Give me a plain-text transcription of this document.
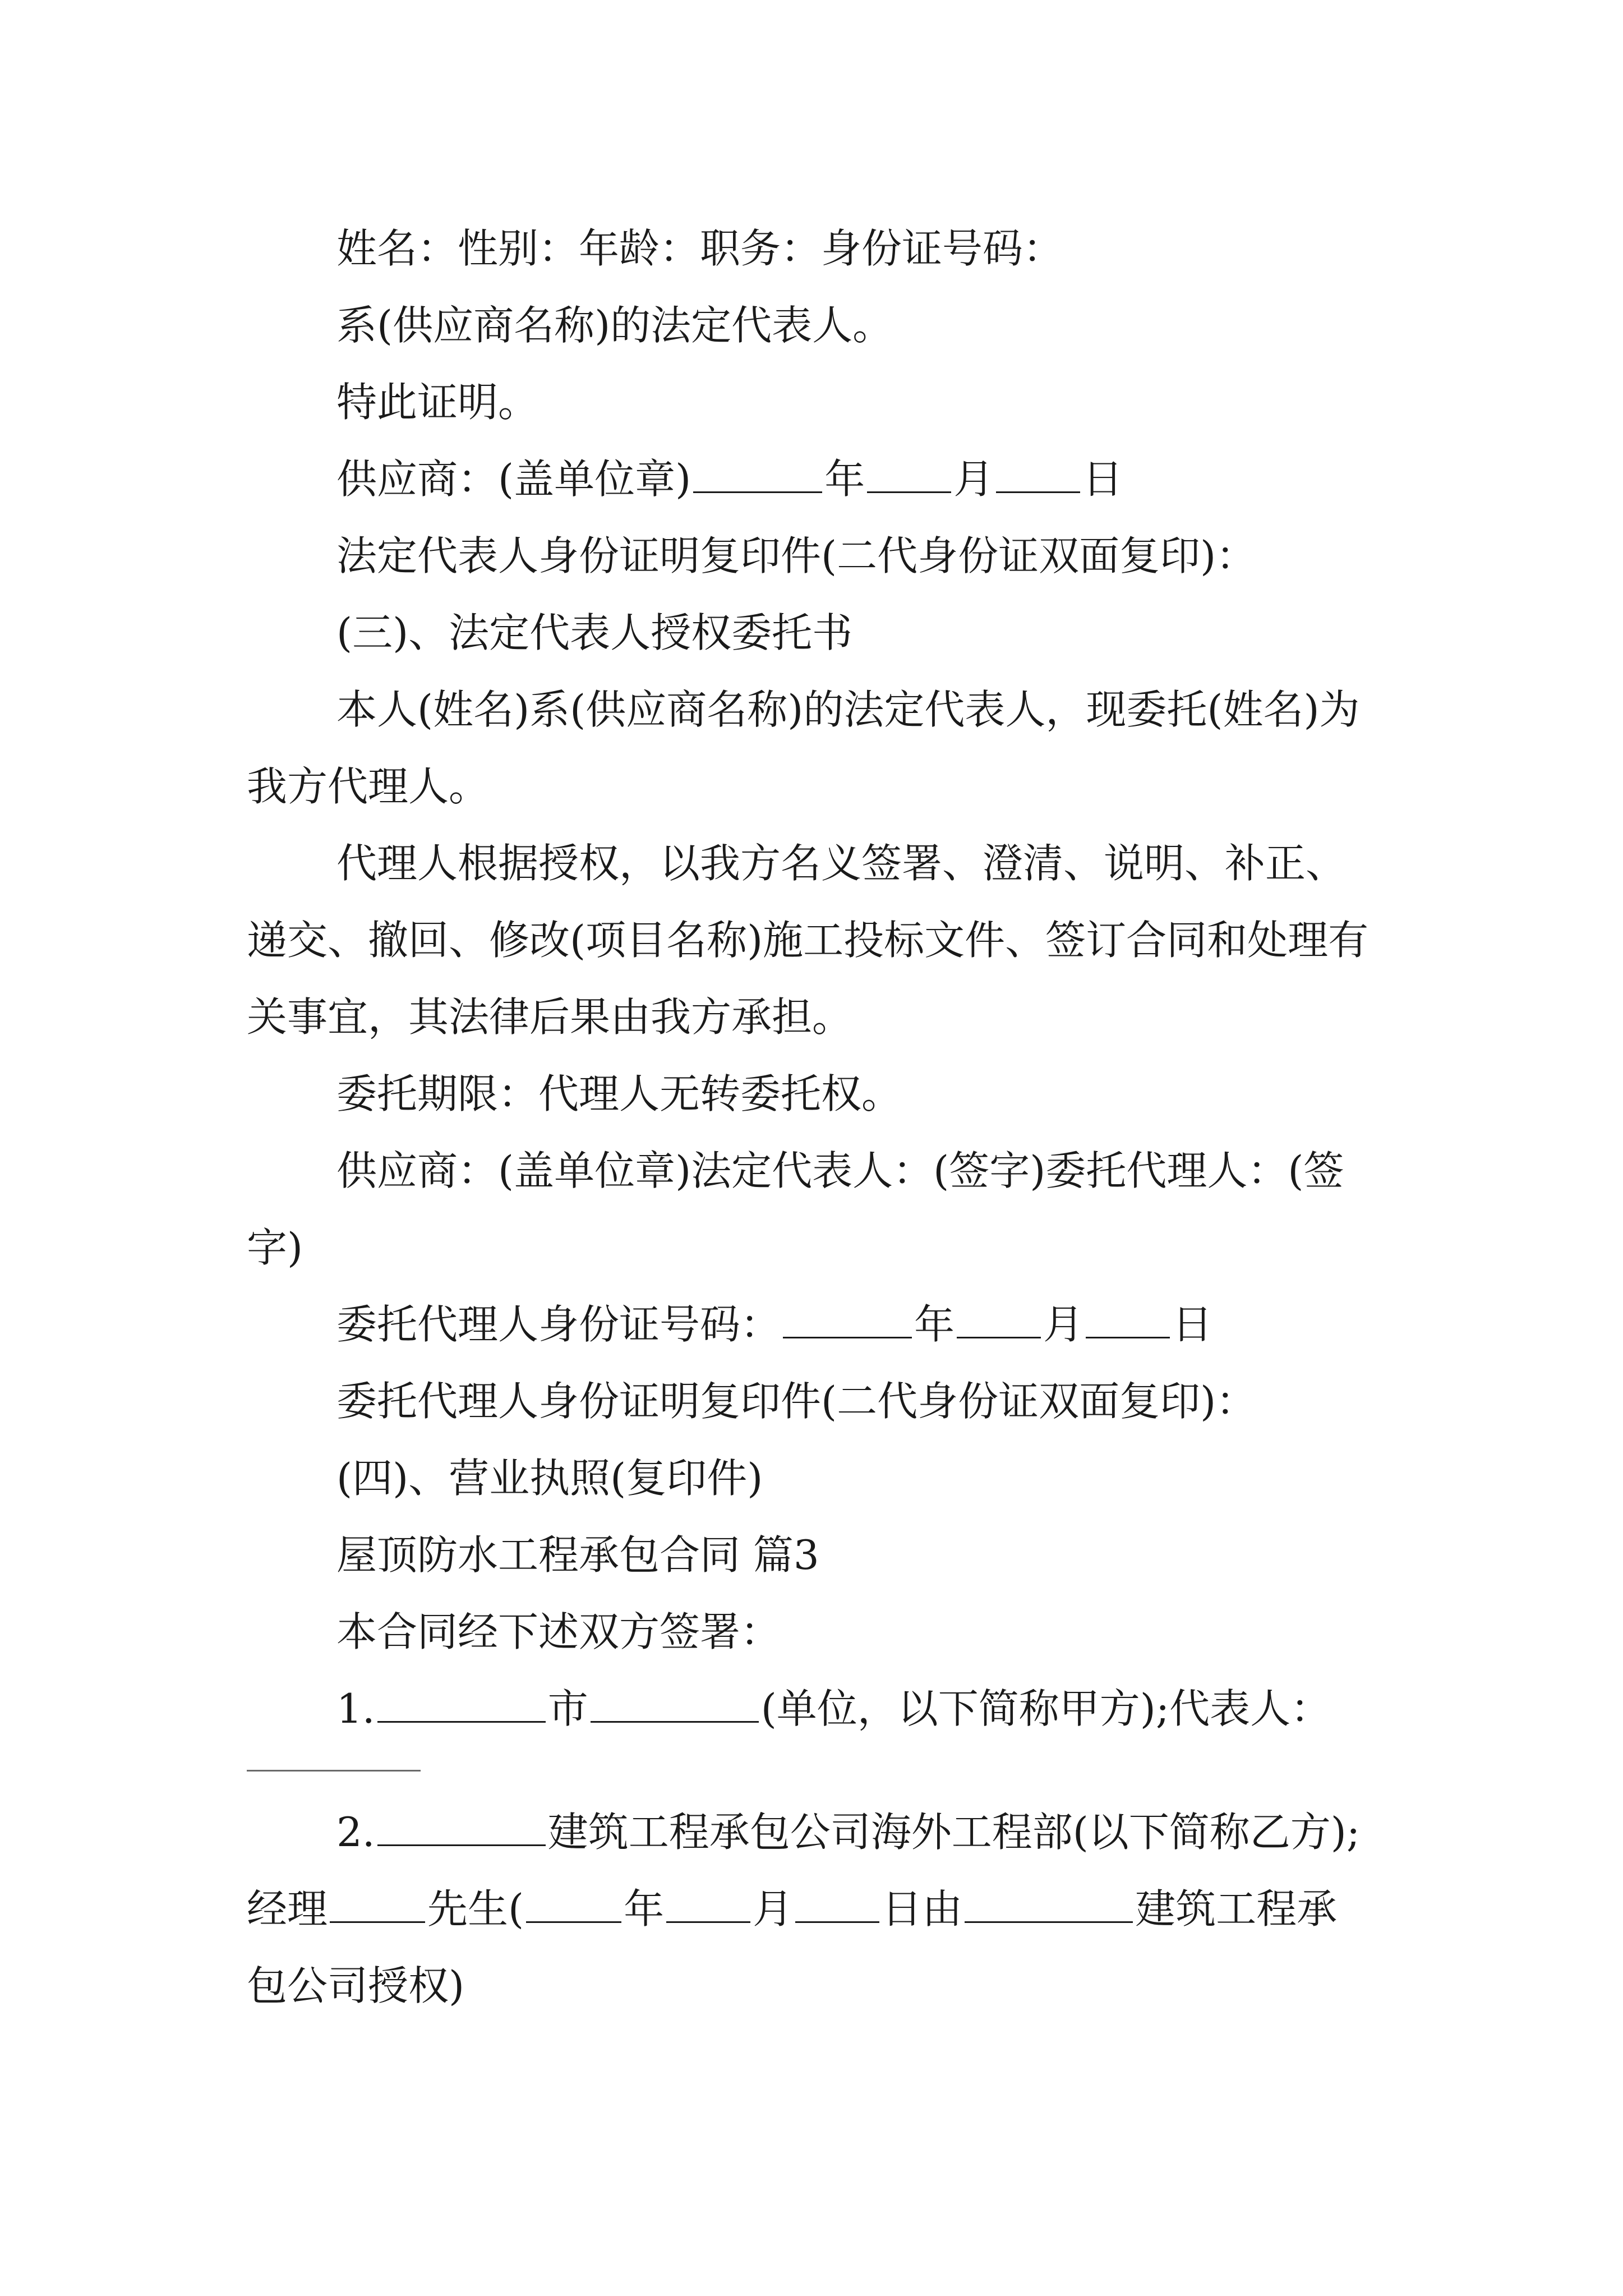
姓名：性别：年龄：职务：身份证号码：

系(供应商名称)的法定代表人。

特此证明。

供应商：(盖单位章)	年 月 日

法定代表人身份证明复印件(二代身份证双面复印)：

(三)、法定代表人授权委托书

本人(姓名)系(供应商名称)的法定代表人，现委托(姓名)为我方代理人。

代理人根据授权，以我方名义签署、澄清、说明、补正、递交、撤回、修改(项目名称)施工投标文件、签订合同和处理有关事宜，其法律后果由我方承担。

委托期限：代理人无转委托权。

供应商：(盖单位章)法定代表人：(签字)委托代理人：(签字)

委托代理人身份证号码：	年 月 日

委托代理人身份证明复印件(二代身份证双面复印)：

(四)、营业执照(复印件)

屋顶防水工程承包合同 篇3

本合同经下述双方签署：

1.	市	(单位，以下简称甲方);代表人：

2.	建筑工程承包公司海外工程部(以下简称乙方);经理 先生( 年 月 日由	建筑工程承包公司授权)
